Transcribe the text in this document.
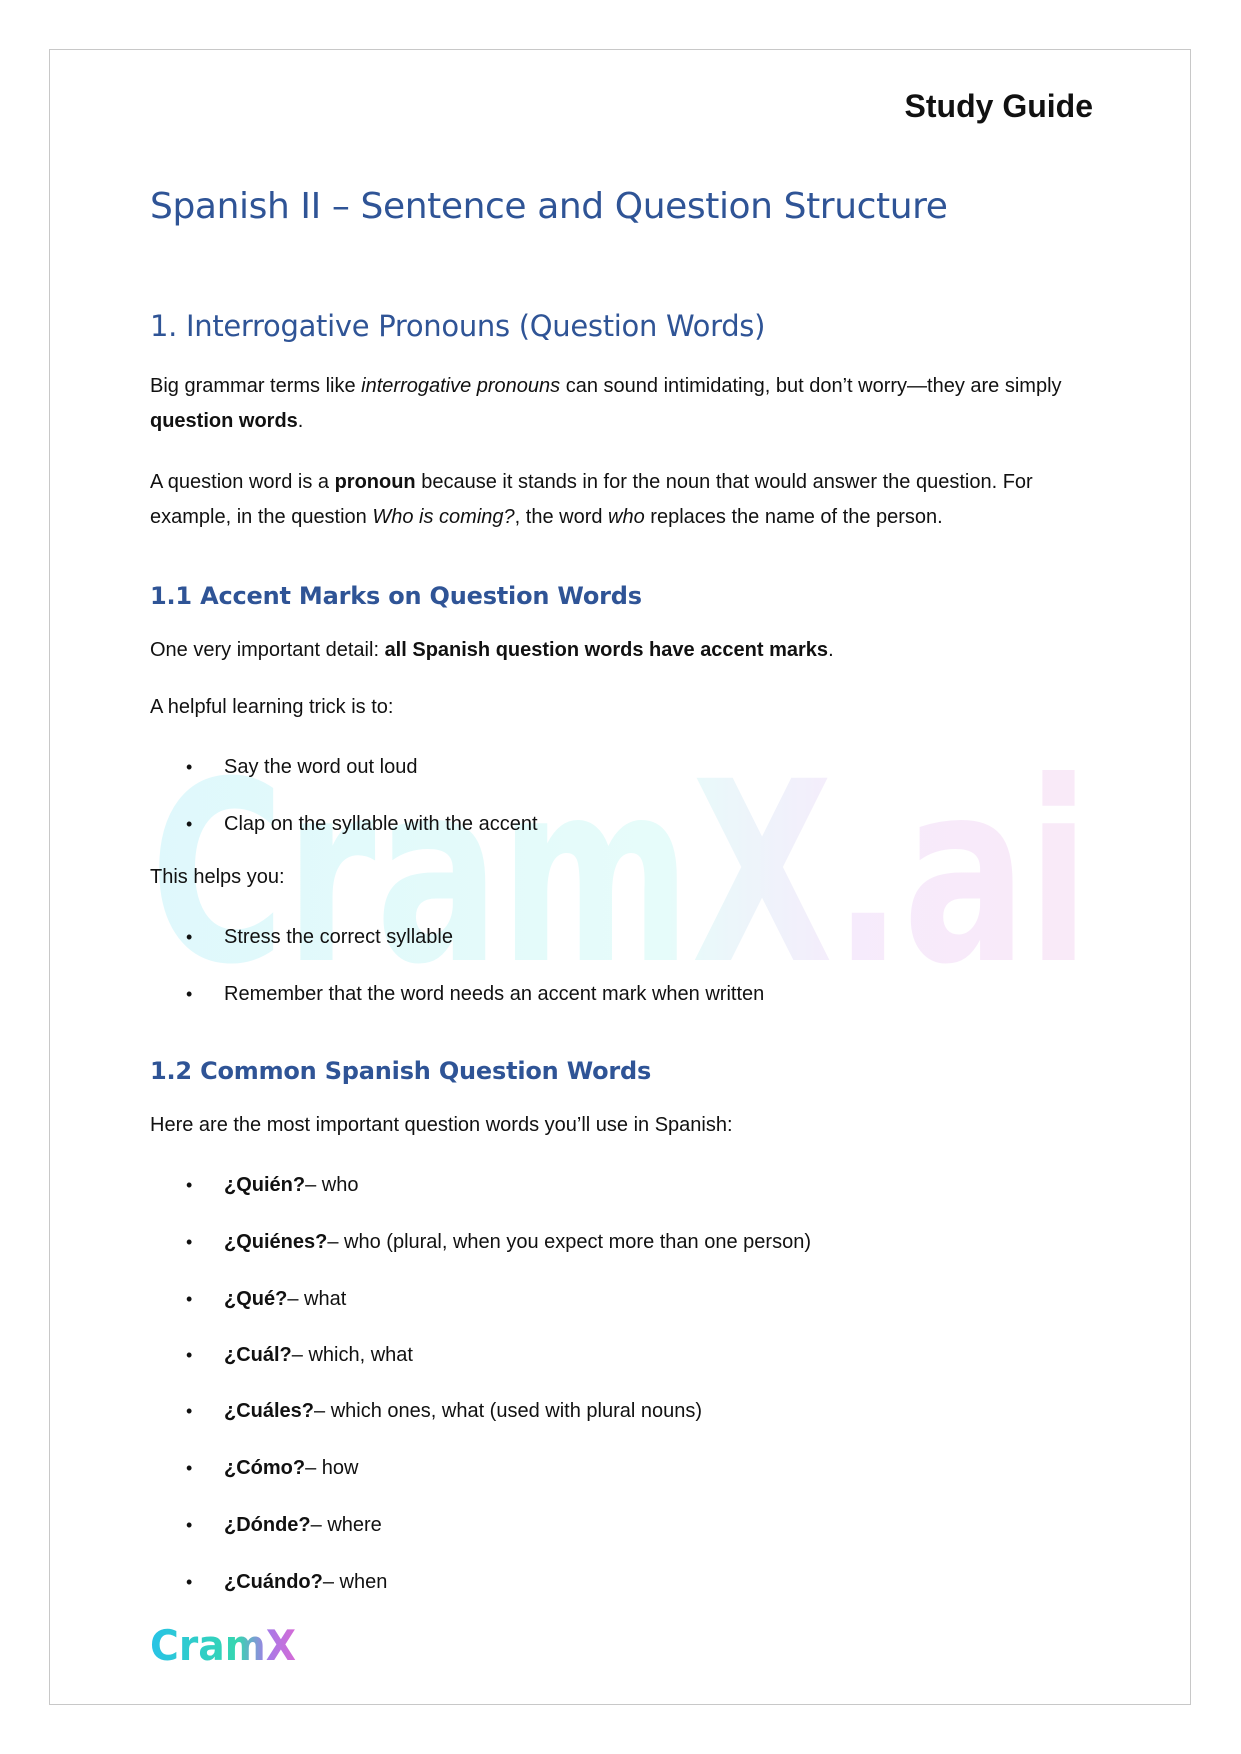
Study Guide
CramX.ai
Spanish II – Sentence and Question Structure
1. Interrogative Pronouns (Question Words)

Big grammar terms like interrogative pronouns can sound intimidating, but don’t worry—they are simply question words.

A question word is a pronoun because it stands in for the noun that would answer the question. For example, in the question Who is coming?, the word who replaces the name of the person.

1.1 Accent Marks on Question Words

One very important detail: all Spanish question words have accent marks.

A helpful learning trick is to:

•	Say the word out loud
•	Clap on the syllable with the accent

This helps you:

•	Stress the correct syllable
•	Remember that the word needs an accent mark when written
1.2 Common Spanish Question Words

Here are the most important question words you’ll use in Spanish:

•	¿Quién? – who
•	¿Quiénes? – who (plural, when you expect more than one person)
•	¿Qué? – what
•	¿Cuál? – which, what
•	¿Cuáles? – which ones, what (used with plural nouns)
•	¿Cómo? – how
•	¿Dónde? – where
•	¿Cuándo? – when
CramX
